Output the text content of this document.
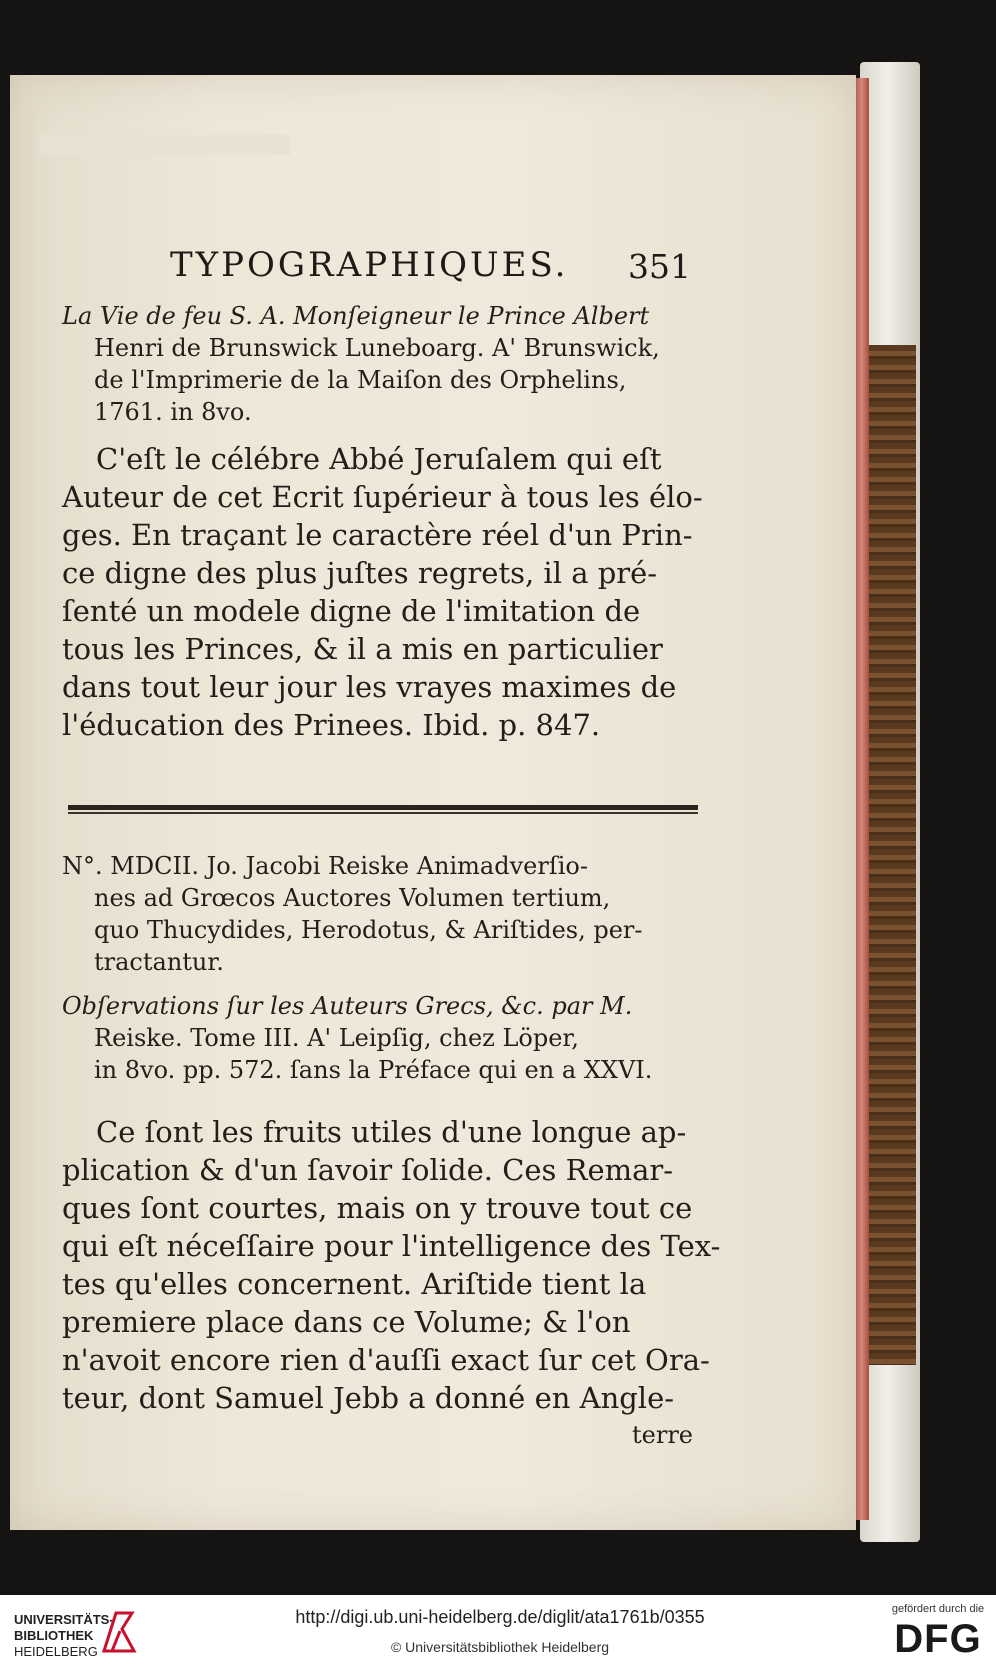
TYPOGRAPHIQUES. 351
La Vie de feu S. A. Monſeigneur le Prince Albert
Henri de Brunswick Luneboarg. A' Brunswick,
de l'Imprimerie de la Maiſon des Orphelins,
1761. in 8vo.
C'eſt le célébre Abbé Jeruſalem qui eſt
Auteur de cet Ecrit ſupérieur à tous les élo-
ges. En traçant le caractère réel d'un Prin-
ce digne des plus juſtes regrets, il a pré-
ſenté un modele digne de l'imitation de
tous les Princes, & il a mis en particulier
dans tout leur jour les vrayes maximes de
l'éducation des Prinees. Ibid. p. 847.
N°. MDCII. Jo. Jacobi Reiske Animadverſio-
nes ad Grœcos Auctores Volumen tertium,
quo Thucydides, Herodotus, & Ariſtides, per-
tractantur.
Obſervations ſur les Auteurs Grecs, &c. par M.
Reiske. Tome III. A' Leipſig, chez Löper,
in 8vo. pp. 572. ſans la Préface qui en a XXVI.
Ce ſont les fruits utiles d'une longue ap-
plication & d'un ſavoir ſolide. Ces Remar-
ques ſont courtes, mais on y trouve tout ce
qui eſt néceſſaire pour l'intelligence des Tex-
tes qu'elles concernent. Ariſtide tient la
premiere place dans ce Volume; & l'on
n'avoit encore rien d'auſſi exact ſur cet Ora-
teur, dont Samuel Jebb a donné en Angle-
terre
UNIVERSITÄTS-
BIBLIOTHEK
HEIDELBERG
http://digi.ub.uni-heidelberg.de/diglit/ata1761b/0355
© Universitätsbibliothek Heidelberg
gefördert durch die
DFG
